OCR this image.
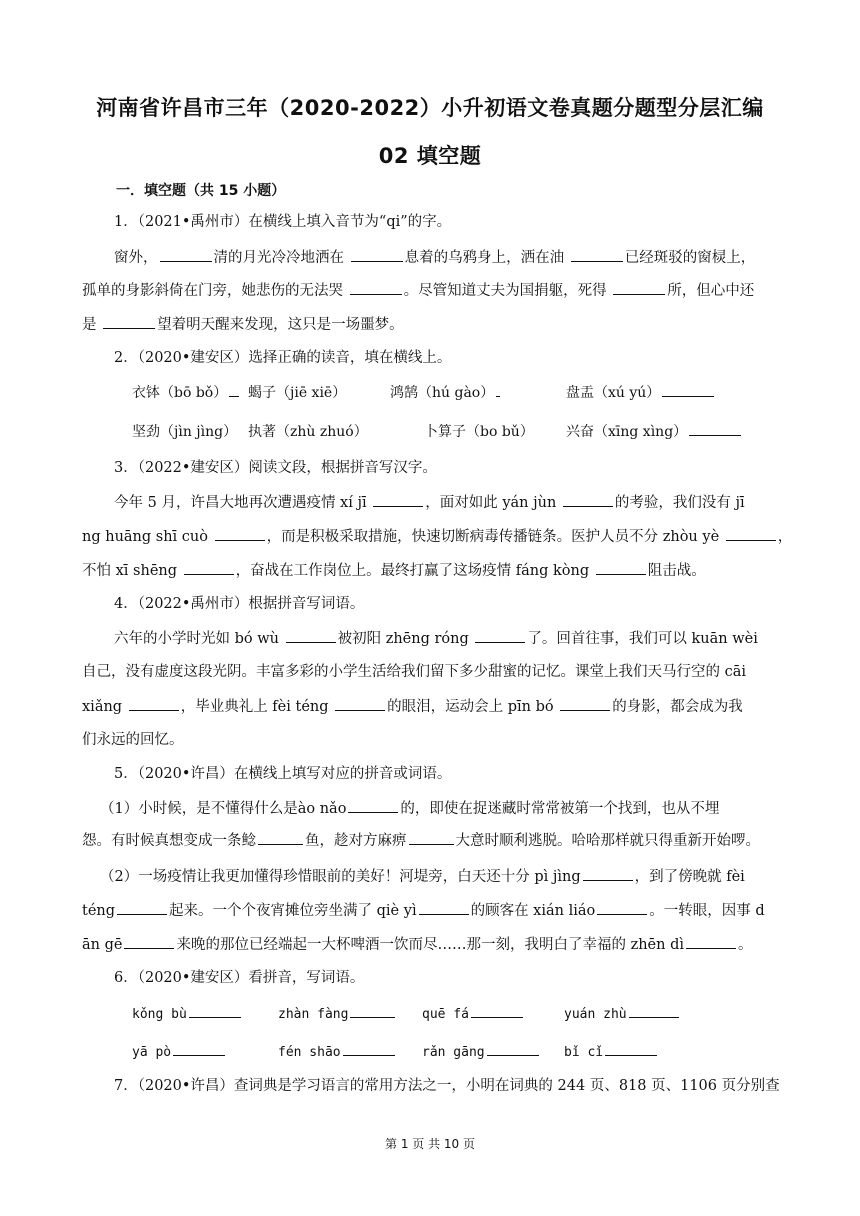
河南省许昌市三年（2020-2022）小升初语文卷真题分题型分层汇编
02 填空题
一．填空题（共 15 小题）
1．（2021•禹州市）在横线上填入音节为“qi”的字。
窗外，	清的月光冷冷地洒在	息着的乌鸦身上，洒在油	已经斑驳的窗棂上，
孤单的身影斜倚在门旁，她悲伤的无法哭	。尽管知道丈夫为国捐躯，死得	所，但心中还
是	望着明天醒来发现，这只是一场噩梦。
2．（2020•建安区）选择正确的读音，填在横线上。
衣钵（bō bǒ）	蝎子（jiē xiē）	鸿鹄（hú gào）	盘盂（xú yú）
坚劲（jìn jìng） 执著（zhù zhuó）	卜算子（bo bǔ） 兴奋（xīng xìng）
3．（2022•建安区）阅读文段，根据拼音写汉字。
今年 5 月，许昌大地再次遭遇疫情 xí jī	，面对如此 yán jùn	的考验，我们没有 jī
ng huāng shī cuò	，而是积极采取措施，快速切断病毒传播链条。医护人员不分 zhòu yè	，
不怕 xī shēng	，奋战在工作岗位上。最终打赢了这场疫情 fáng kòng	阻击战。
4．（2022•禹州市）根据拼音写词语。
六年的小学时光如 bó wù	被初阳 zhēng róng	了。回首往事，我们可以 kuān wèi
自己，没有虚度这段光阴。丰富多彩的小学生活给我们留下多少甜蜜的记忆。课堂上我们天马行空的 cāi
xiǎng	，毕业典礼上 fèi téng	的眼泪，运动会上 pīn bó	的身影，都会成为我
们永远的回忆。
5．（2020•许昌）在横线上填写对应的拼音或词语。
（1）小时候，是不懂得什么是ào nǎo	的，即使在捉迷藏时常常被第一个找到，也从不埋
怨。有时候真想变成一条鲶	鱼，趁对方麻痹	大意时顺利逃脱。哈哈那样就只得重新开始啰。
（2）一场疫情让我更加懂得珍惜眼前的美好！河堤旁，白天还十分 pì jìng	，到了傍晚就 fèi
téng	起来。一个个夜宵摊位旁坐满了 qiè yì	的顾客在 xián liáo	。一转眼，因事 d
ān gē	来晚的那位已经端起一大杯啤酒一饮而尽……那一刻，我明白了幸福的 zhēn dì	。
6．（2020•建安区）看拼音，写词语。
kǒng bù	zhàn fàng	quē fá	yuán zhù
yā pò	fén shāo	rǎn gāng	bǐ cǐ
7．（2020•许昌）查词典是学习语言的常用方法之一，小明在词典的 244 页、818 页、1106 页分别查
第 1 页 共 10 页
